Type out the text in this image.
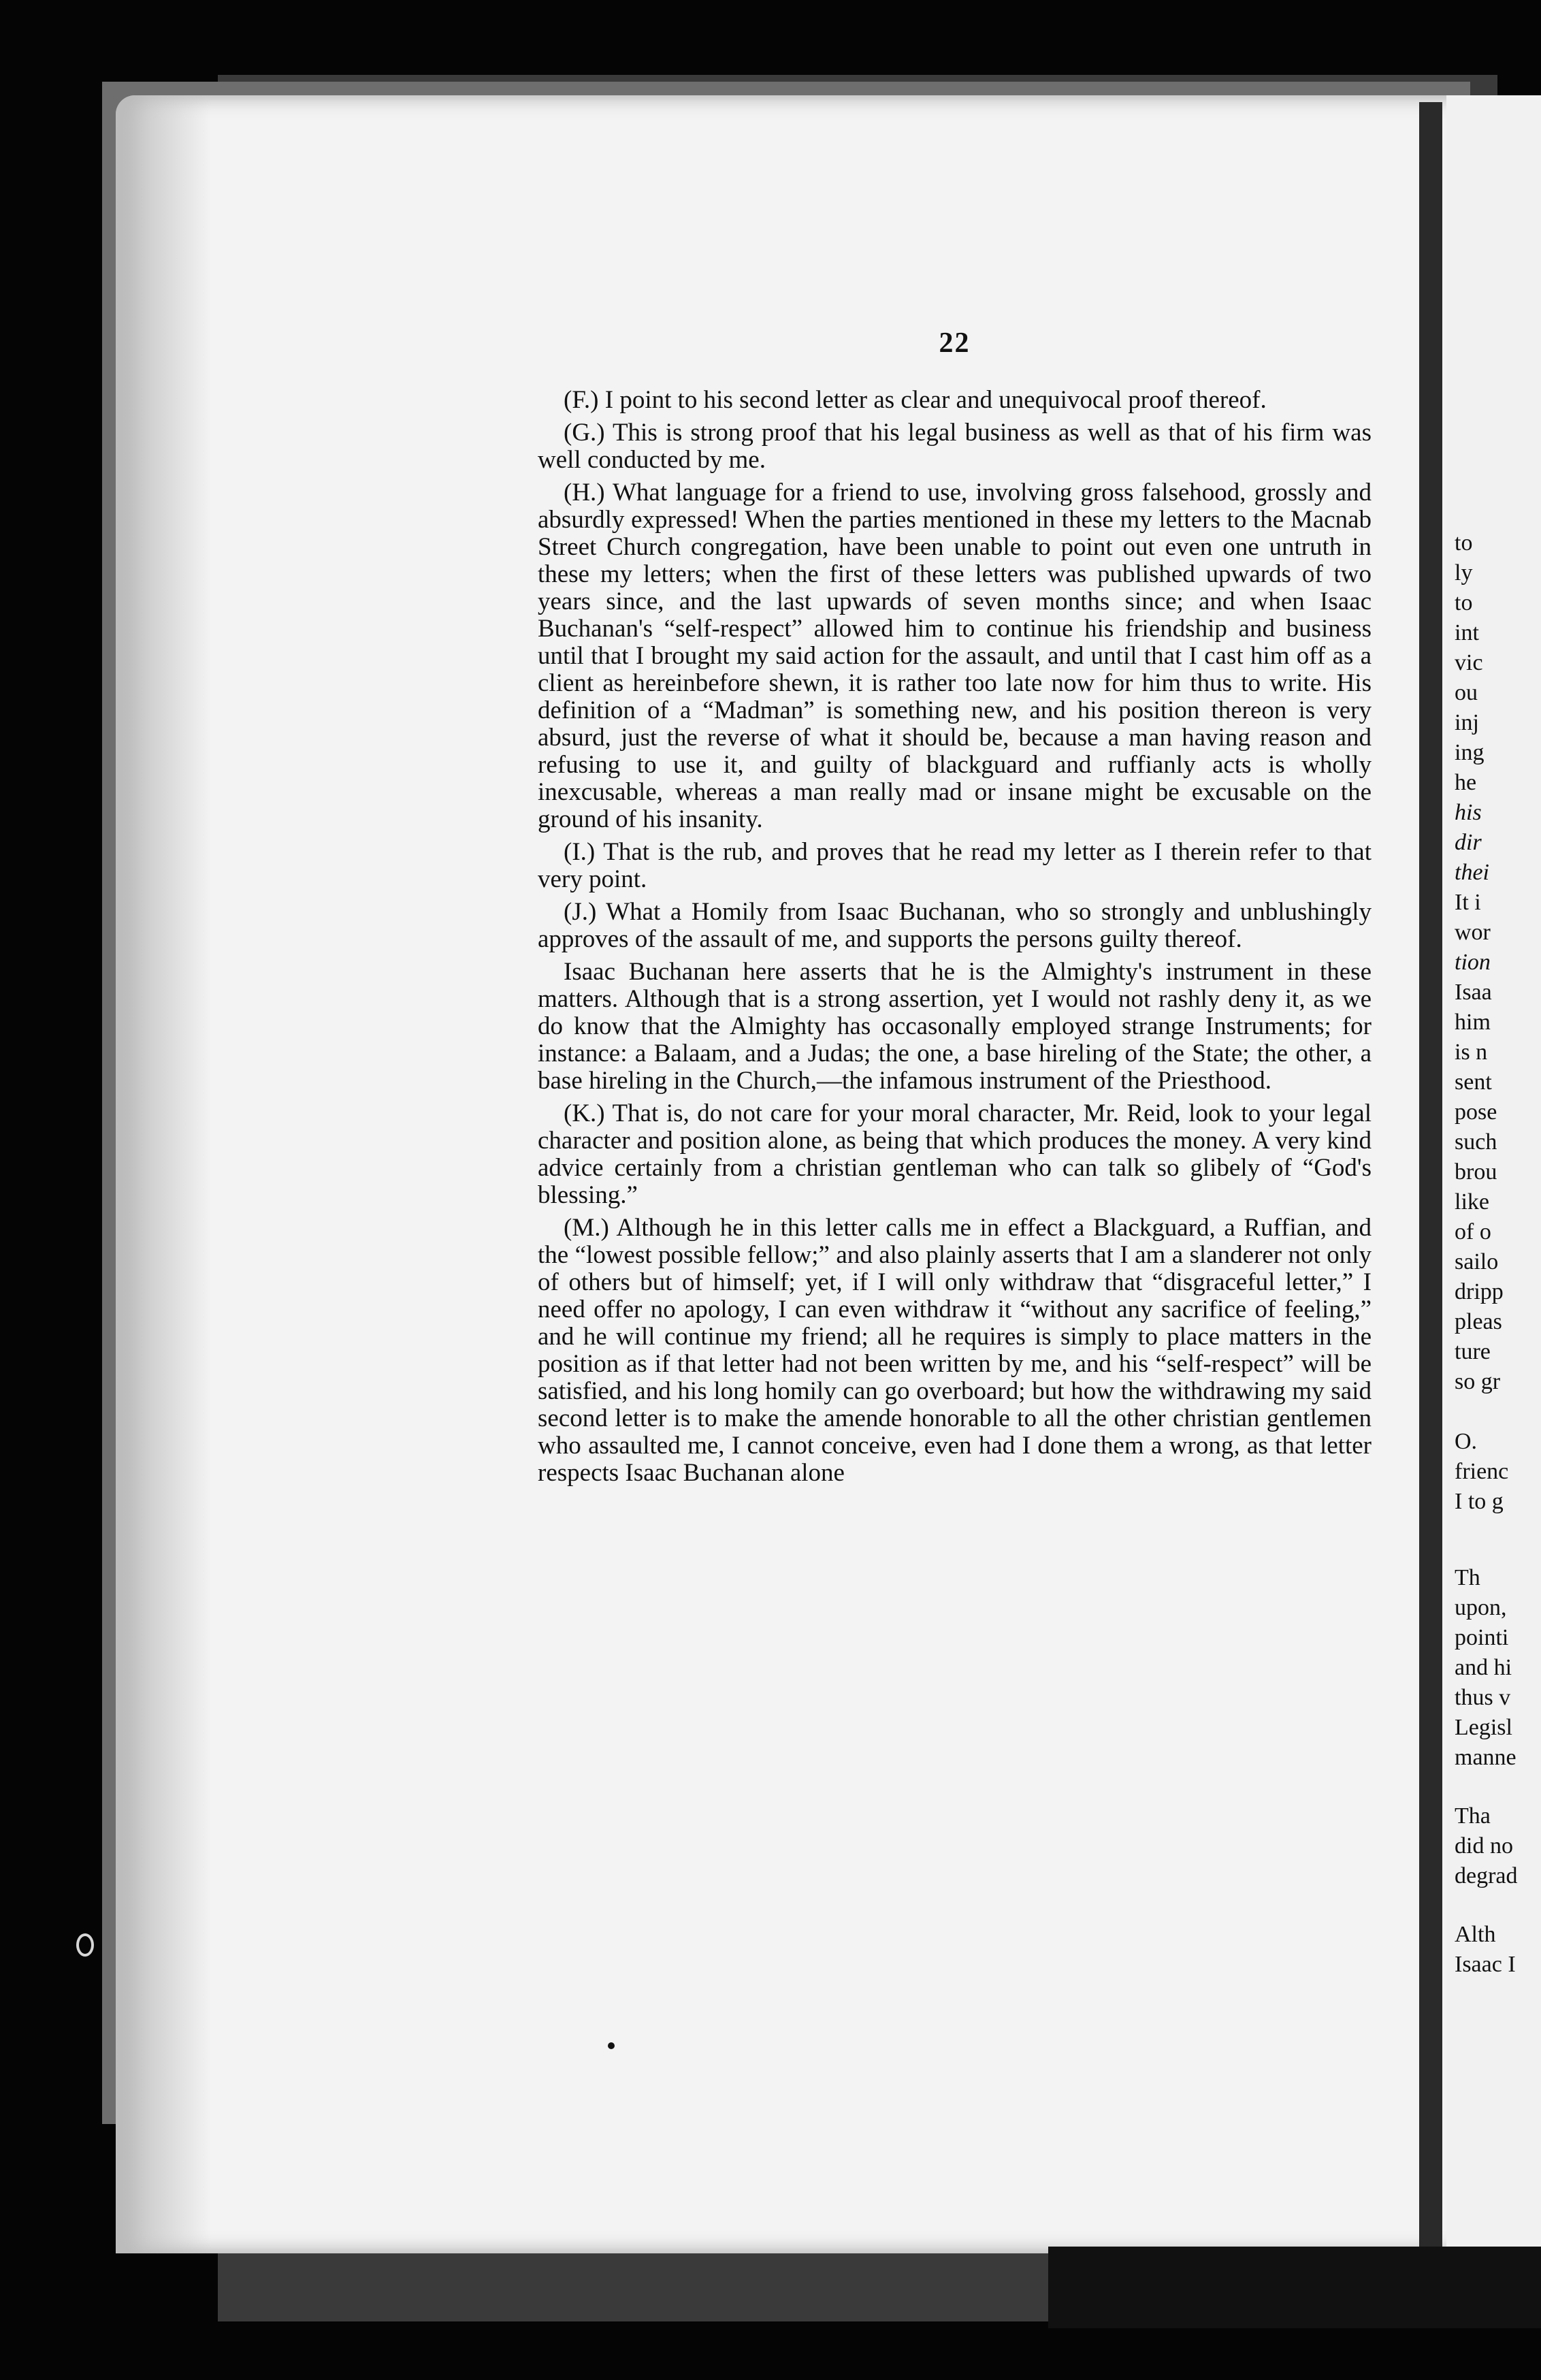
to
ly
to
int
vic
ou
inj
ing
he
his
dir
thei
It i
wor
tion
Isaa
him
is n
sent
pose
such
brou
like
of o
sailo
dripp
pleas
ture
so gr
O.
frienc
I to g
Th
upon,
pointi
and hi
thus v
Legisl
manne
Tha
did no
degrad
Alth
Isaac I
22

(F.) I point to his second letter as clear and unequivocal proof thereof.

(G.) This is strong proof that his legal business as well as that of his firm was well conducted by me.

(H.) What language for a friend to use, involving gross falsehood, grossly and absurdly expressed! When the parties mentioned in these my letters to the Macnab Street Church congregation, have been unable to point out even one untruth in these my letters; when the first of these letters was published upwards of two years since, and the last upwards of seven months since; and when Isaac Buchanan's “self-respect” allowed him to continue his friendship and business until that I brought my said action for the assault, and until that I cast him off as a client as hereinbefore shewn, it is rather too late now for him thus to write. His definition of a “Madman” is something new, and his position thereon is very absurd, just the reverse of what it should be, because a man having reason and refusing to use it, and guilty of blackguard and ruffianly acts is wholly inexcusable, whereas a man really mad or insane might be excusable on the ground of his insanity.

(I.) That is the rub, and proves that he read my letter as I therein refer to that very point.

(J.) What a Homily from Isaac Buchanan, who so strongly and unblushingly approves of the assault of me, and supports the persons guilty thereof.

Isaac Buchanan here asserts that he is the Almighty's instrument in these matters. Although that is a strong assertion, yet I would not rashly deny it, as we do know that the Almighty has occasonally employed strange Instruments; for instance: a Balaam, and a Judas; the one, a base hireling of the State; the other, a base hireling in the Church,—the infamous instrument of the Priesthood.

(K.) That is, do not care for your moral character, Mr. Reid, look to your legal character and position alone, as being that which produces the money. A very kind advice certainly from a christian gentleman who can talk so glibely of “God's blessing.”

(M.) Although he in this letter calls me in effect a Blackguard, a Ruffian, and the “lowest possible fellow;” and also plainly asserts that I am a slanderer not only of others but of himself; yet, if I will only withdraw that “disgraceful letter,” I need offer no apology, I can even withdraw it “without any sacrifice of feeling,” and he will continue my friend; all he requires is simply to place matters in the position as if that letter had not been written by me, and his “self-respect” will be satisfied, and his long homily can go overboard; but how the withdrawing my said second letter is to make the amende honorable to all the other christian gentlemen who assaulted me, I cannot conceive, even had I done them a wrong, as that letter respects Isaac Buchanan alone
